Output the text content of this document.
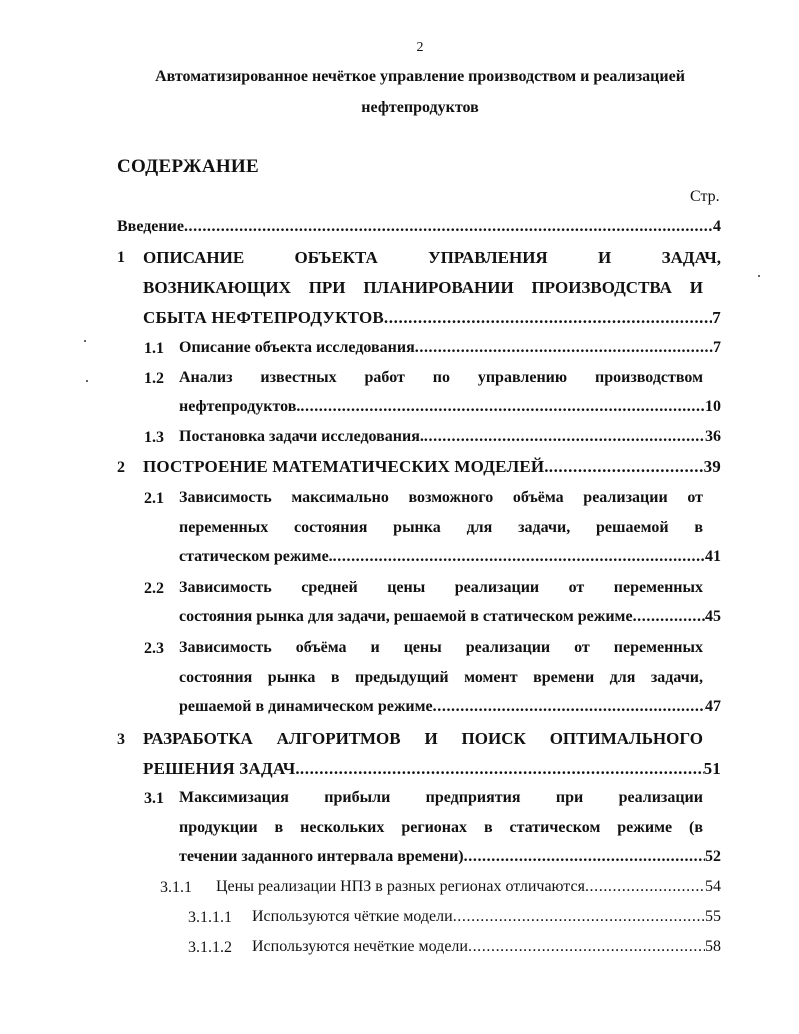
2
Автоматизированное нечёткое управление производством и реализацией
нефтепродуктов
СОДЕРЖАНИЕ
Стр.
Введение .....	4
1 ОПИСАНИЕ ОБЪЕКТА УПРАВЛЕНИЯ И ЗАДАЧ,
ВОЗНИКАЮЩИХ ПРИ ПЛАНИРОВАНИИ ПРОИЗВОДСТВА И
СБЫТА НЕФТЕПРОДУКТОВ .....	7
1.1 Описание объекта исследования .....	7
1.2 Анализ известных работ по управлению производством
нефтепродуктов. .....	10
1.3 Постановка задачи исследования. .....	36
2 ПОСТРОЕНИЕ МАТЕМАТИЧЕСКИХ МОДЕЛЕЙ. .....	39
2.1 Зависимость максимально возможного объёма реализации от
переменных состояния рынка для задачи, решаемой в
статическом режиме. .....	41
2.2 Зависимость средней цены реализации от переменных
состояния рынка для задачи, решаемой в статическом режиме .....	45
2.3 Зависимость объёма и цены реализации от переменных
состояния рынка в предыдущий момент времени для задачи,
решаемой в динамическом режиме .....	47
3 РАЗРАБОТКА АЛГОРИТМОВ И ПОИСК ОПТИМАЛЬНОГО
РЕШЕНИЯ ЗАДАЧ. .....	51
3.1 Максимизация прибыли предприятия при реализации
продукции в нескольких регионах в статическом режиме (в
течении заданного интервала времени) .....	52
3.1.1 Цены реализации НПЗ в разных регионах отличаются .....	54
3.1.1.1 Используются чёткие модели .....	55
3.1.1.2 Используются нечёткие модели .....	58
